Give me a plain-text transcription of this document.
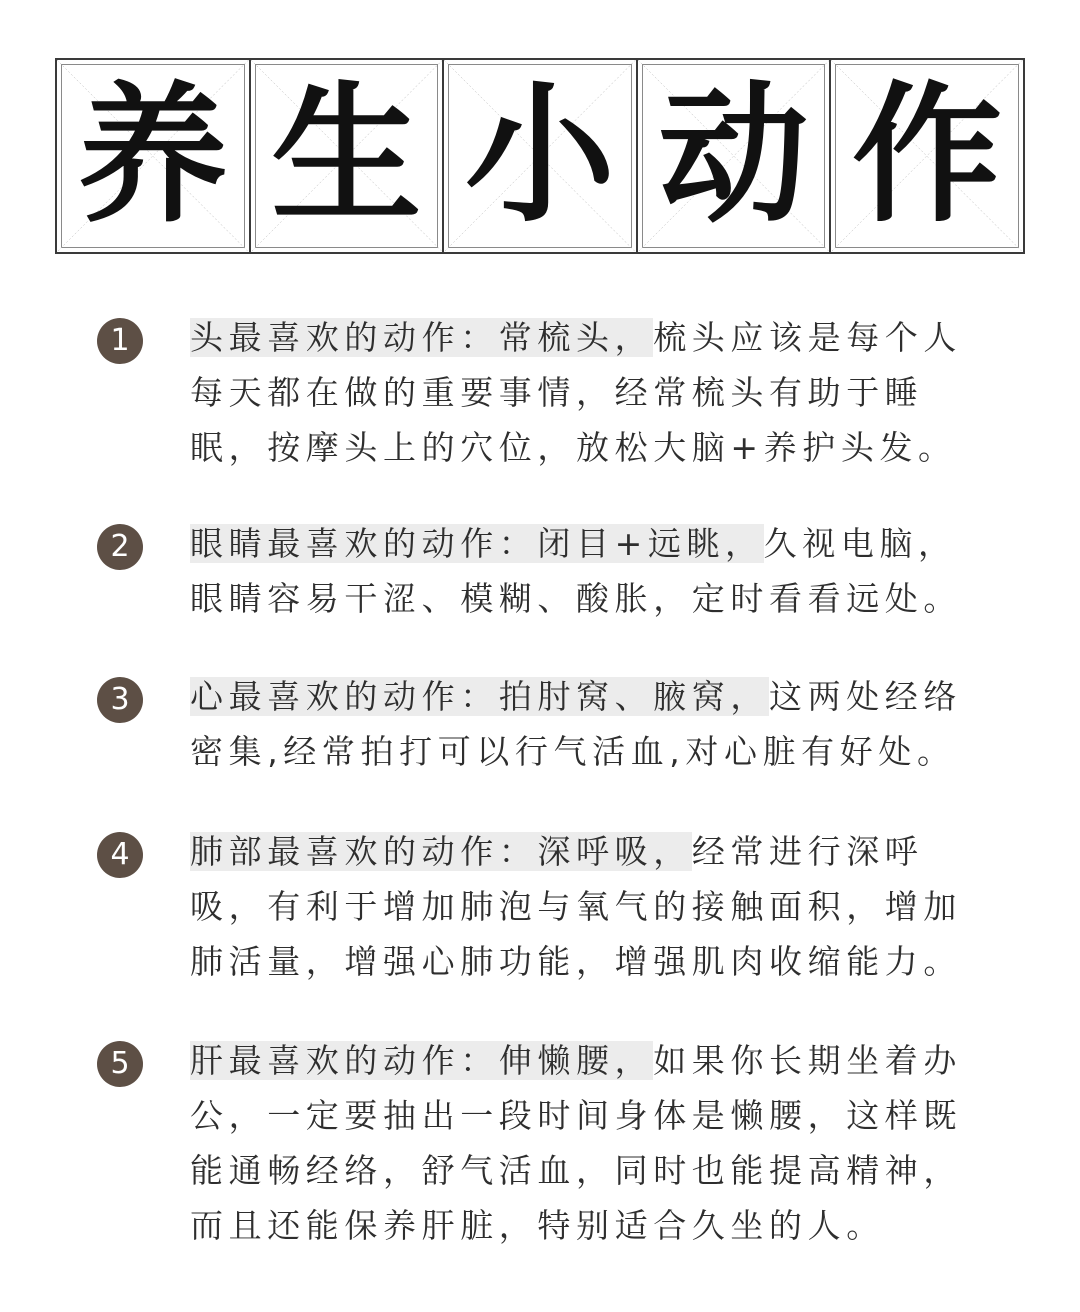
养 生 小 动 作
1	头最喜欢的动作：常梳头，梳头应该是每个人每天都在做的重要事情，经常梳头有助于睡眠，按摩头上的穴位，放松大脑+养护头发。
2	眼睛最喜欢的动作：闭目+远眺，久视电脑，眼睛容易干涩、模糊、酸胀，定时看看远处。
3	心最喜欢的动作：拍肘窝、腋窝，这两处经络密集,经常拍打可以行气活血,对心脏有好处。
4	肺部最喜欢的动作：深呼吸，经常进行深呼吸，有利于增加肺泡与氧气的接触面积，增加肺活量，增强心肺功能，增强肌肉收缩能力。
5	肝最喜欢的动作：伸懒腰，如果你长期坐着办公，一定要抽出一段时间身体是懒腰，这样既能通畅经络，舒气活血，同时也能提高精神，而且还能保养肝脏，特别适合久坐的人。
